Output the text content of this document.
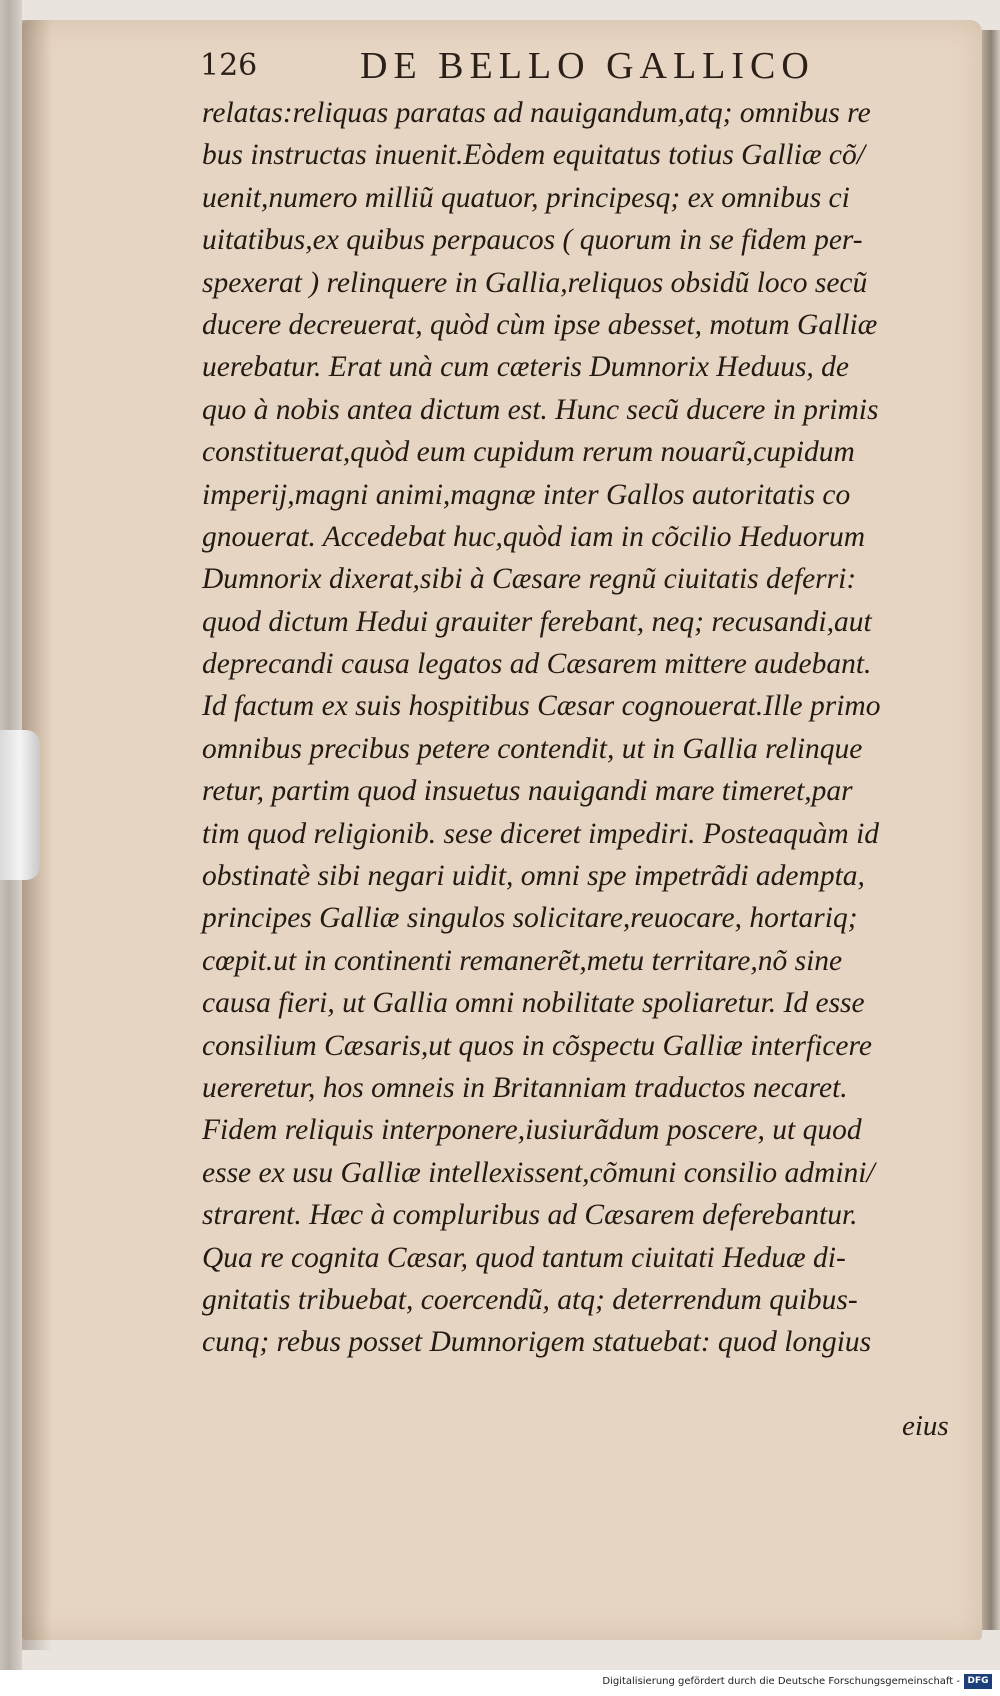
126	DE BELLO GALLICO
relatas:reliquas paratas ad nauigandum,atq; omnibus re
bus instructas inuenit.Eòdem equitatus totius Galliæ cõ/
uenit,numero milliũ quatuor, principesq; ex omnibus ci
uitatibus,ex quibus perpaucos ( quorum in se fidem per-
spexerat ) relinquere in Gallia,reliquos obsidũ loco secũ
ducere decreuerat, quòd cùm ipse abesset, motum Galliæ
uerebatur. Erat unà cum cæteris Dumnorix Heduus, de
quo à nobis antea dictum est. Hunc secũ ducere in primis
constituerat,quòd eum cupidum rerum nouarũ,cupidum
imperij,magni animi,magnæ inter Gallos autoritatis co
gnouerat. Accedebat huc,quòd iam in cõcilio Heduorum
Dumnorix dixerat,sibi à Cæsare regnũ ciuitatis deferri:
quod dictum Hedui grauiter ferebant, neq; recusandi,aut
deprecandi causa legatos ad Cæsarem mittere audebant.
Id factum ex suis hospitibus Cæsar cognouerat.Ille primo
omnibus precibus petere contendit, ut in Gallia relinque
retur, partim quod insuetus nauigandi mare timeret,par
tim quod religionib. sese diceret impediri. Posteaquàm id
obstinatè sibi negari uidit, omni spe impetrãdi adempta,
principes Galliæ singulos solicitare,reuocare, hortariq;
cœpit.ut in continenti remanerẽt,metu territare,nõ sine
causa fieri, ut Gallia omni nobilitate spoliaretur. Id esse
consilium Cæsaris,ut quos in cõspectu Galliæ interficere
uereretur, hos omneis in Britanniam traductos necaret.
Fidem reliquis interponere,iusiurãdum poscere, ut quod
esse ex usu Galliæ intellexissent,cõmuni consilio admini/
strarent. Hæc à compluribus ad Cæsarem deferebantur.
Qua re cognita Cæsar, quod tantum ciuitati Heduæ di-
gnitatis tribuebat, coercendũ, atq; deterrendum quibus-
cunq; rebus posset Dumnorigem statuebat: quod longius
eius
Digitalisierung gefördert durch die Deutsche Forschungsgemeinschaft - DFG
